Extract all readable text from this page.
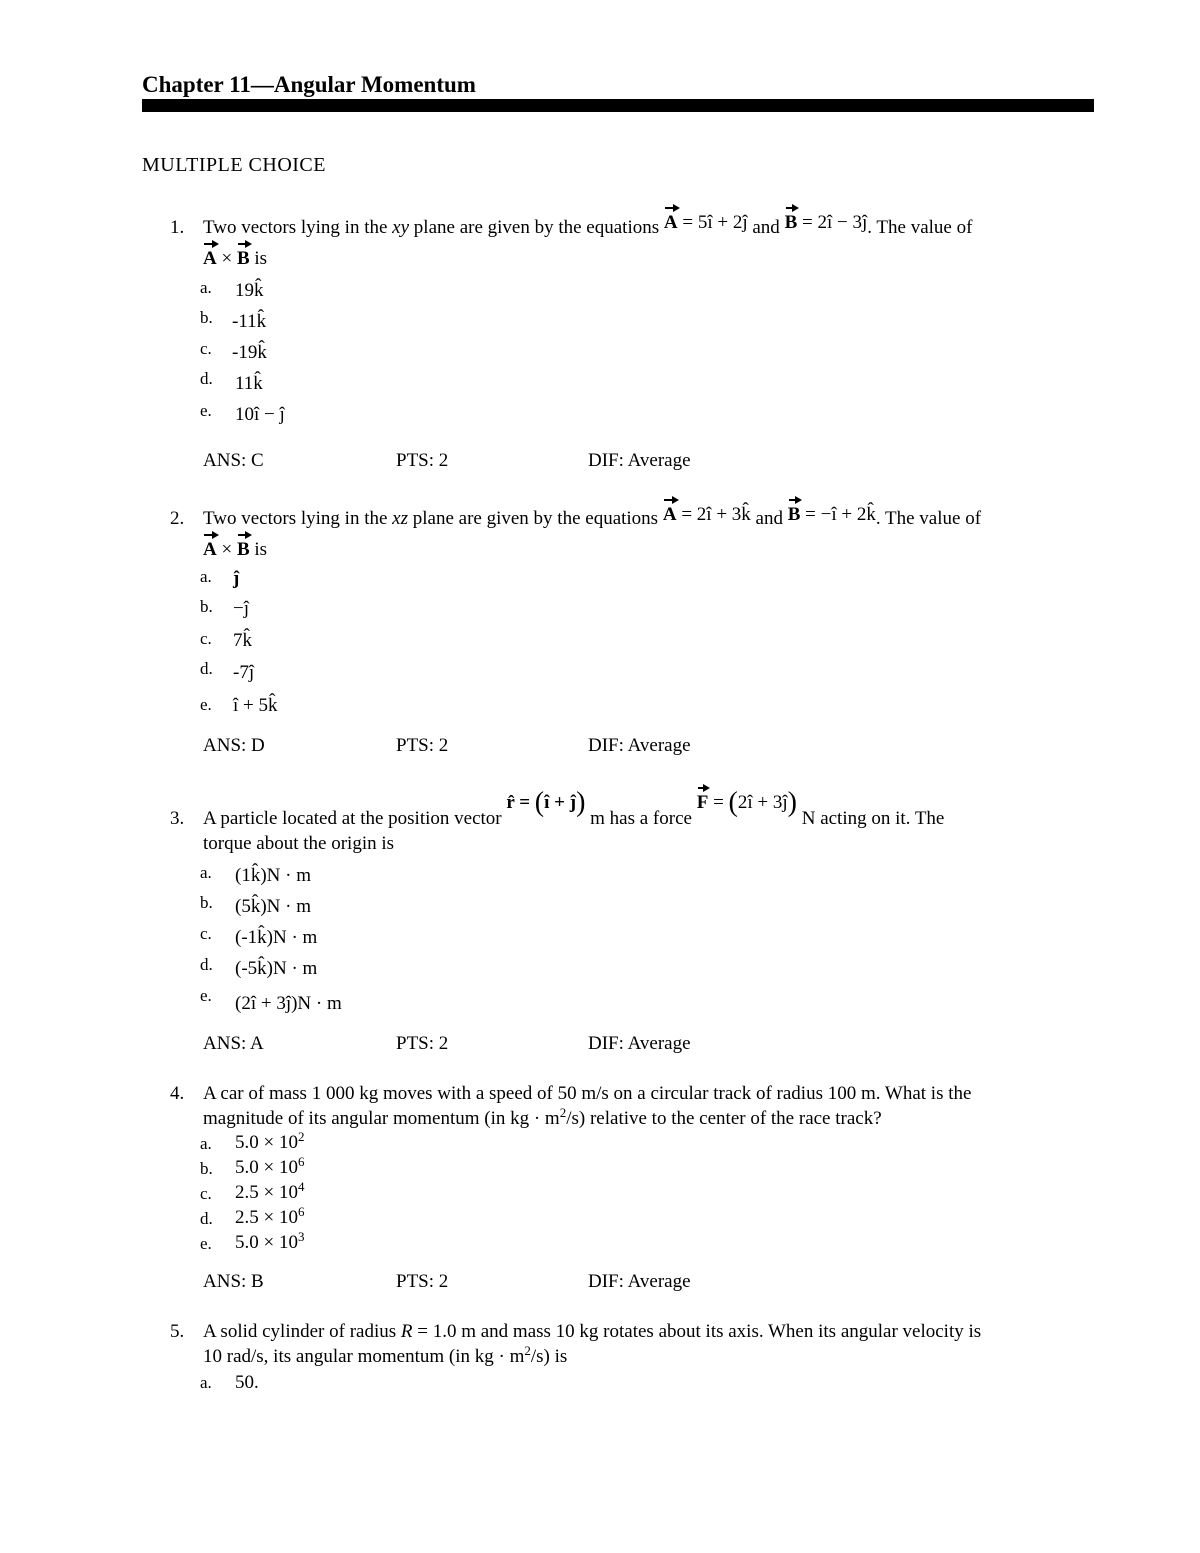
Chapter 11—Angular Momentum
MULTIPLE CHOICE
1. Two vectors lying in the xy plane are given by the equations A = 5î + 2ĵ and B = 2î − 3ĵ. The value of
A × B is
a. 19k̂
b. -11k̂
c. -19k̂
d. 11k̂
e. 10î − ĵ
ANS: C	PTS: 2	DIF: Average
2. Two vectors lying in the xz plane are given by the equations A = 2î + 3k̂ and B = −î + 2k̂. The value of
A × B is
a. ĵ
b. −ĵ
c. 7k̂
d. -7ĵ
e. î + 5k̂
ANS: D	PTS: 2	DIF: Average
3. A particle located at the position vector r̂ = (î + ĵ) m has a force F = (2î + 3ĵ) N acting on it. The
torque about the origin is
a. (1k̂)N · m
b. (5k̂)N · m
c. (-1k̂)N · m
d. (-5k̂)N · m
e. (2î + 3ĵ)N · m
ANS: A	PTS: 2	DIF: Average
4. A car of mass 1 000 kg moves with a speed of 50 m/s on a circular track of radius 100 m. What is the
magnitude of its angular momentum (in kg · $m^2/s$) relative to the center of the race track?
a. $5.0 \times 10^2$
b. $5.0 \times 10^6$
c. $2.5 \times 10^4$
d. $2.5 \times 10^6$
e. $5.0 \times 10^3$
ANS: B	PTS: 2	DIF: Average
5. A solid cylinder of radius R = 1.0 m and mass 10 kg rotates about its axis. When its angular velocity is
10 rad/s, its angular momentum (in kg · $m^2/s$) is
a. 50.
